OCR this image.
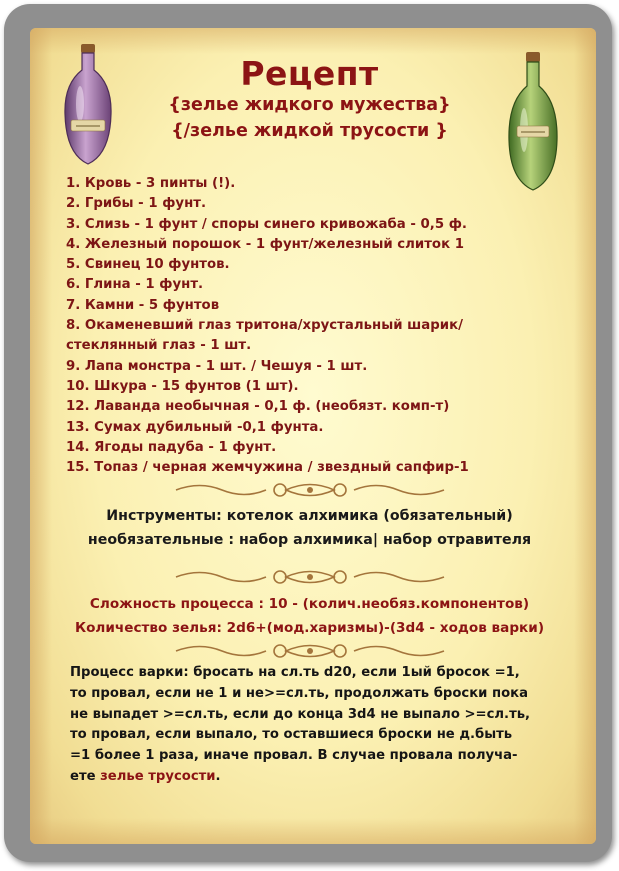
Рецепт
{зелье жидкого мужества}
{/зелье жидкой трусости }
1. Кровь - 3 пинты (!).
2. Грибы - 1 фунт.
3. Слизь - 1 фунт / споры синего кривожаба - 0,5 ф.
4. Железный порошок - 1 фунт/железный слиток 1
5. Свинец 10 фунтов.
6. Глина - 1 фунт.
7. Камни - 5 фунтов
8. Окаменевший глаз тритона/хрустальный шарик/
стеклянный глаз - 1 шт.
9. Лапа монстра - 1 шт. / Чешуя - 1 шт.
10. Шкура - 15 фунтов (1 шт).
12. Лаванда необычная - 0,1 ф. (необязт. комп-т)
13. Сумах дубильный -0,1 фунта.
14. Ягоды падуба - 1 фунт.
15. Топаз / черная жемчужина / звездный сапфир-1
Инструменты: котелок алхимика (обязательный)
необязательные : набор алхимика| набор отравителя
Сложность процесса : 10 - (колич.необяз.компонентов)
Количество зелья: 2d6+(мод.харизмы)-(3d4 - ходов варки)
Процесс варки: бросать на сл.ть d20, если 1ый бросок =1,
то провал, если не 1 и не>=сл.ть, продолжать броски пока
не выпадет >=сл.ть, если до конца 3d4 не выпало >=сл.ть,
то провал, если выпало, то оставшиеся броски не д.быть
=1 более 1 раза, иначе провал. В случае провала получа-
ете зелье трусости.
